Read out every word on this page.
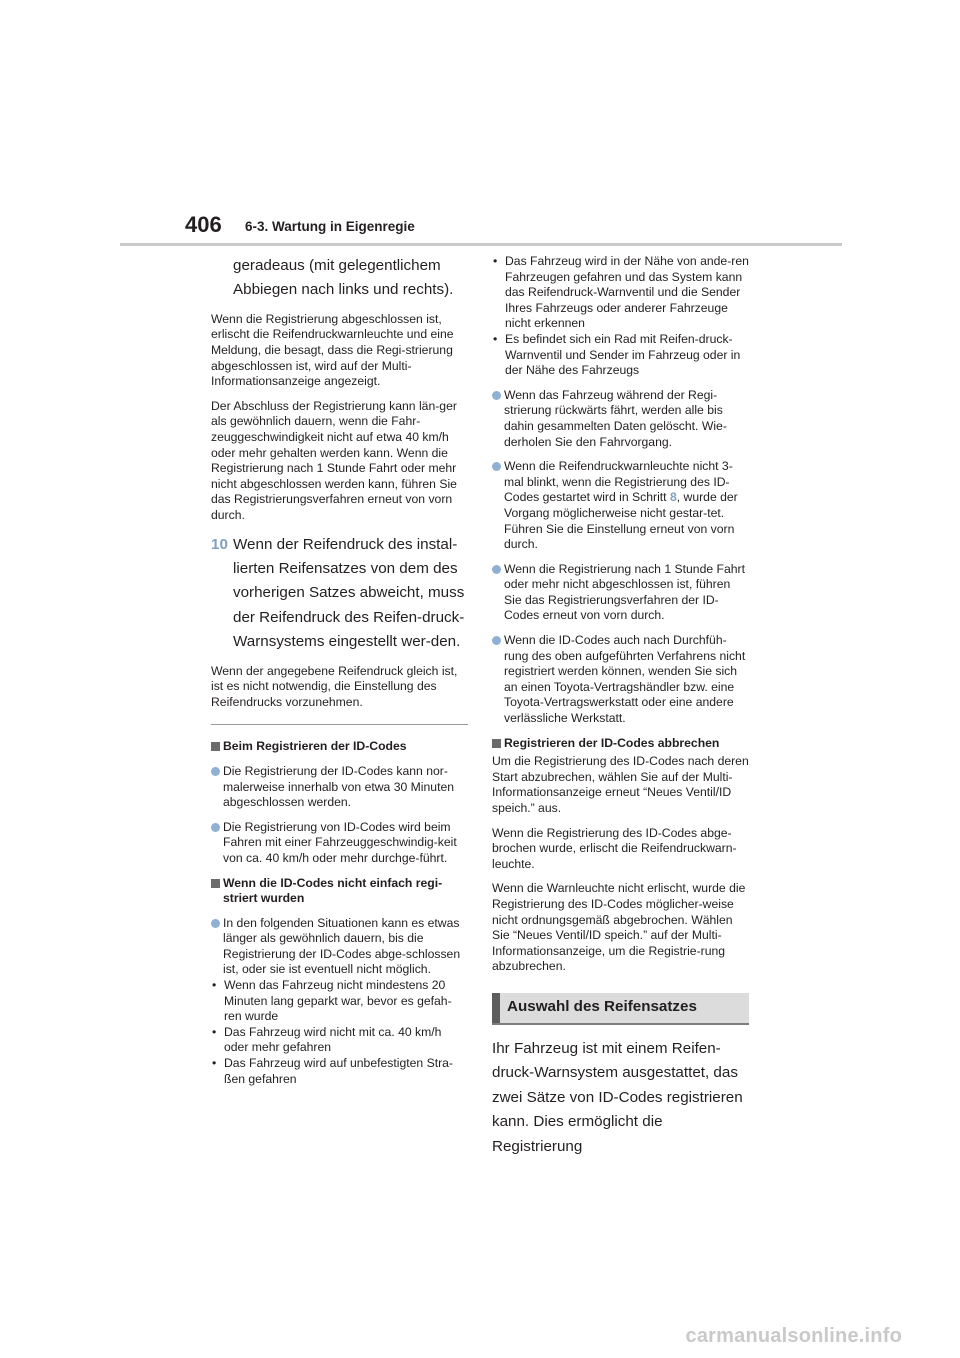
406 6-3. Wartung in Eigenregie

geradeaus (mit gelegentlichem Abbiegen nach links und rechts).

Wenn die Registrierung abgeschlossen ist, erlischt die Reifendruckwarnleuchte und eine Meldung, die besagt, dass die Regi-strierung abgeschlossen ist, wird auf der Multi-Informationsanzeige angezeigt.

Der Abschluss der Registrierung kann län-ger als gewöhnlich dauern, wenn die Fahr-zeuggeschwindigkeit nicht auf etwa 40 km/h oder mehr gehalten werden kann. Wenn die Registrierung nach 1 Stunde Fahrt oder mehr nicht abgeschlossen werden kann, führen Sie das Registrierungsverfahren erneut von vorn durch.

10 Wenn der Reifendruck des instal-lierten Reifensatzes von dem des vorherigen Satzes abweicht, muss der Reifendruck des Reifen-druck-Warnsystems eingestellt wer-den.

Wenn der angegebene Reifendruck gleich ist, ist es nicht notwendig, die Einstellung des Reifendrucks vorzunehmen.

Beim Registrieren der ID-Codes

Die Registrierung der ID-Codes kann nor-malerweise innerhalb von etwa 30 Minuten abgeschlossen werden.

Die Registrierung von ID-Codes wird beim Fahren mit einer Fahrzeuggeschwindig-keit von ca. 40 km/h oder mehr durchge-führt.

Wenn die ID-Codes nicht einfach regi-striert wurden

In den folgenden Situationen kann es etwas länger als gewöhnlich dauern, bis die Registrierung der ID-Codes abge-schlossen ist, oder sie ist eventuell nicht möglich.

• Wenn das Fahrzeug nicht mindestens 20 Minuten lang geparkt war, bevor es gefah-ren wurde
• Das Fahrzeug wird nicht mit ca. 40 km/h oder mehr gefahren
• Das Fahrzeug wird auf unbefestigten Stra-ßen gefahren
• Das Fahrzeug wird in der Nähe von ande-ren Fahrzeugen gefahren und das System kann das Reifendruck-Warnventil und die Sender Ihres Fahrzeugs oder anderer Fahrzeuge nicht erkennen
• Es befindet sich ein Rad mit Reifen-druck-Warnventil und Sender im Fahrzeug oder in der Nähe des Fahrzeugs

Wenn das Fahrzeug während der Regi-strierung rückwärts fährt, werden alle bis dahin gesammelten Daten gelöscht. Wie-derholen Sie den Fahrvorgang.

Wenn die Reifendruckwarnleuchte nicht 3-mal blinkt, wenn die Registrierung des ID-Codes gestartet wird in Schritt 8, wurde der Vorgang möglicherweise nicht gestar-tet. Führen Sie die Einstellung erneut von vorn durch.

Wenn die Registrierung nach 1 Stunde Fahrt oder mehr nicht abgeschlossen ist, führen Sie das Registrierungsverfahren der ID-Codes erneut von vorn durch.

Wenn die ID-Codes auch nach Durchfüh-rung des oben aufgeführten Verfahrens nicht registriert werden können, wenden Sie sich an einen Toyota-Vertragshändler bzw. eine Toyota-Vertragswerkstatt oder eine andere verlässliche Werkstatt.

Registrieren der ID-Codes abbrechen

Um die Registrierung des ID-Codes nach deren Start abzubrechen, wählen Sie auf der Multi-Informationsanzeige erneut “Neues Ventil/ID speich.” aus.

Wenn die Registrierung des ID-Codes abge-brochen wurde, erlischt die Reifendruckwarn-leuchte.

Wenn die Warnleuchte nicht erlischt, wurde die Registrierung des ID-Codes möglicher-weise nicht ordnungsgemäß abgebrochen. Wählen Sie “Neues Ventil/ID speich.” auf der Multi-Informationsanzeige, um die Registrie-rung abzubrechen.

Auswahl des Reifensatzes

Ihr Fahrzeug ist mit einem Reifen-druck-Warnsystem ausgestattet, das zwei Sätze von ID-Codes registrieren kann. Dies ermöglicht die Registrierung

carmanualsonline.info
